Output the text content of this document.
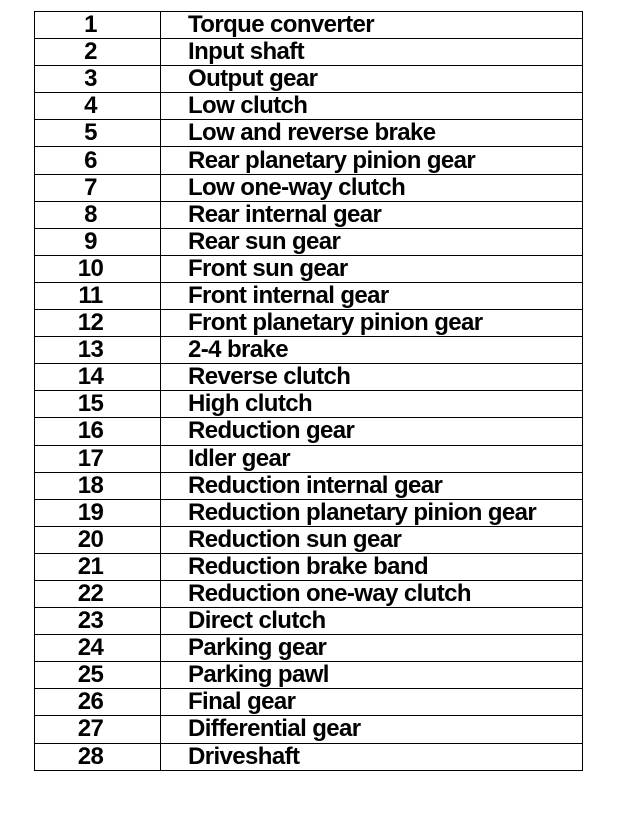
1	Torque converter
2	Input shaft
3	Output gear
4	Low clutch
5	Low and reverse brake
6	Rear planetary pinion gear
7	Low one-way clutch
8	Rear internal gear
9	Rear sun gear
10	Front sun gear
11	Front internal gear
12	Front planetary pinion gear
13	2-4 brake
14	Reverse clutch
15	High clutch
16	Reduction gear
17	Idler gear
18	Reduction internal gear
19	Reduction planetary pinion gear
20	Reduction sun gear
21	Reduction brake band
22	Reduction one-way clutch
23	Direct clutch
24	Parking gear
25	Parking pawl
26	Final gear
27	Differential gear
28	Driveshaft
